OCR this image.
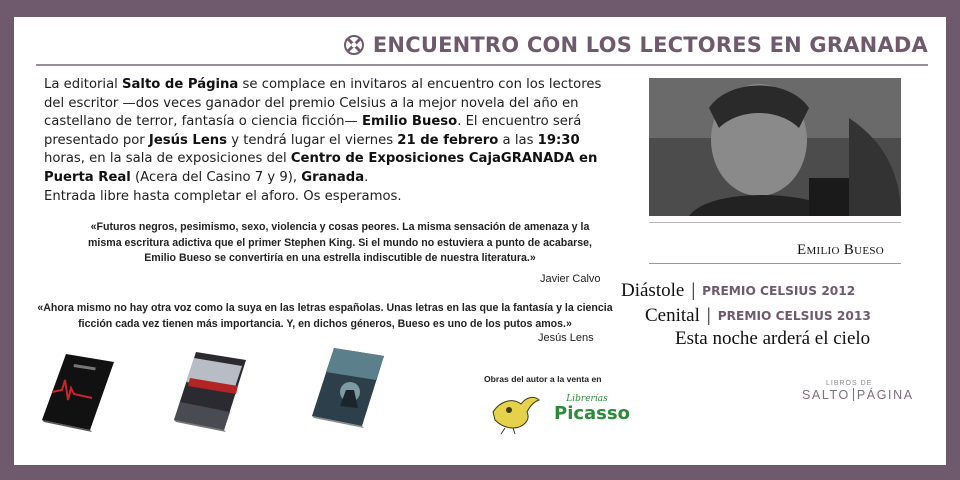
ENCUENTRO CON LOS LECTORES EN GRANADA
La editorial Salto de Página se complace en invitaros al encuentro con los lectores del escritor —dos veces ganador del premio Celsius a la mejor novela del año en castellano de terror, fantasía o ciencia ficción— Emilio Bueso. El encuentro será presentado por Jesús Lens y tendrá lugar el viernes 21 de febrero a las 19:30 horas, en la sala de exposiciones del Centro de Exposiciones CajaGRANADA en Puerta Real (Acera del Casino 7 y 9), Granada.
Entrada libre hasta completar el aforo. Os esperamos.
«Futuros negros, pesimismo, sexo, violencia y cosas peores. La misma sensación de amenaza y la misma escritura adictiva que el primer Stephen King. Si el mundo no estuviera a punto de acabarse, Emilio Bueso se convertiría en una estrella indiscutible de nuestra literatura.»
Javier Calvo
«Ahora mismo no hay otra voz como la suya en las letras españolas. Unas letras en las que la fantasía y la ciencia ficción cada vez tienen más importancia. Y, en dichos géneros, Bueso es uno de los putos amos.»
Jesús Lens
Obras del autor a la venta en
Librerías
Picasso
Emilio Bueso
Diástole | PREMIO CELSIUS 2012
Cenital | PREMIO CELSIUS 2013
Esta noche arderá el cielo
LIBROS DE
SALTO PÁGINA
